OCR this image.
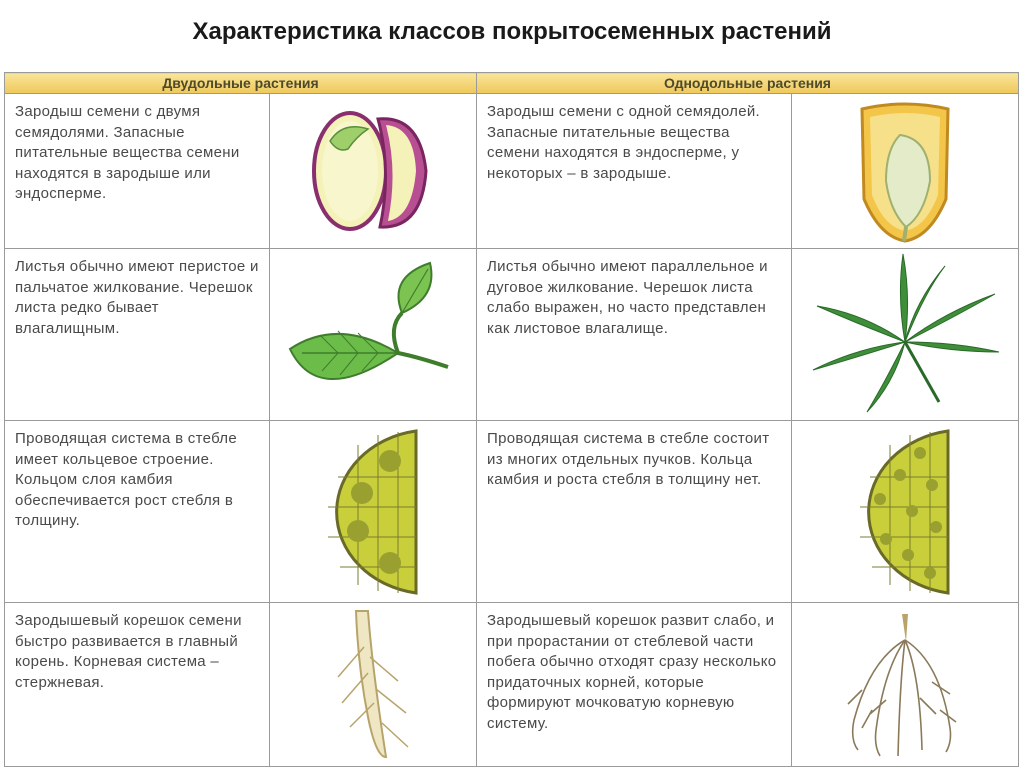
Характеристика классов покрытосеменных растений
Двудольные растения		Однодольные растения	
Зародыш семени с двумя семядолями. Запасные питательные вещества семени находятся в зародыше или эндосперме.		Зародыш семени с одной семядолей. Запасные питательные вещества семени находятся в эндосперме, у некоторых – в зародыше.	

Листья обычно имеют перистое и пальчатое жилкование. Черешок листа редко бывает влагалищным.		Листья обычно имеют параллельное и дуговое жилкование. Черешок листа слабо выражен, но часто представлен как листовое влагалище.	

Проводящая система в стебле имеет кольцевое строение. Кольцом слоя камбия обеспечивается рост стебля в толщину.		Проводящая система в стебле состоит из многих отдельных пучков. Кольца камбия и роста стебля в толщину нет.	

Зародышевый корешок семени быстро развивается в главный корень. Корневая система – стержневая.		Зародышевый корешок развит слабо, и при прорастании от стеблевой части побега обычно отходят сразу несколько придаточных корней, которые формируют мочковатую корневую систему.	
